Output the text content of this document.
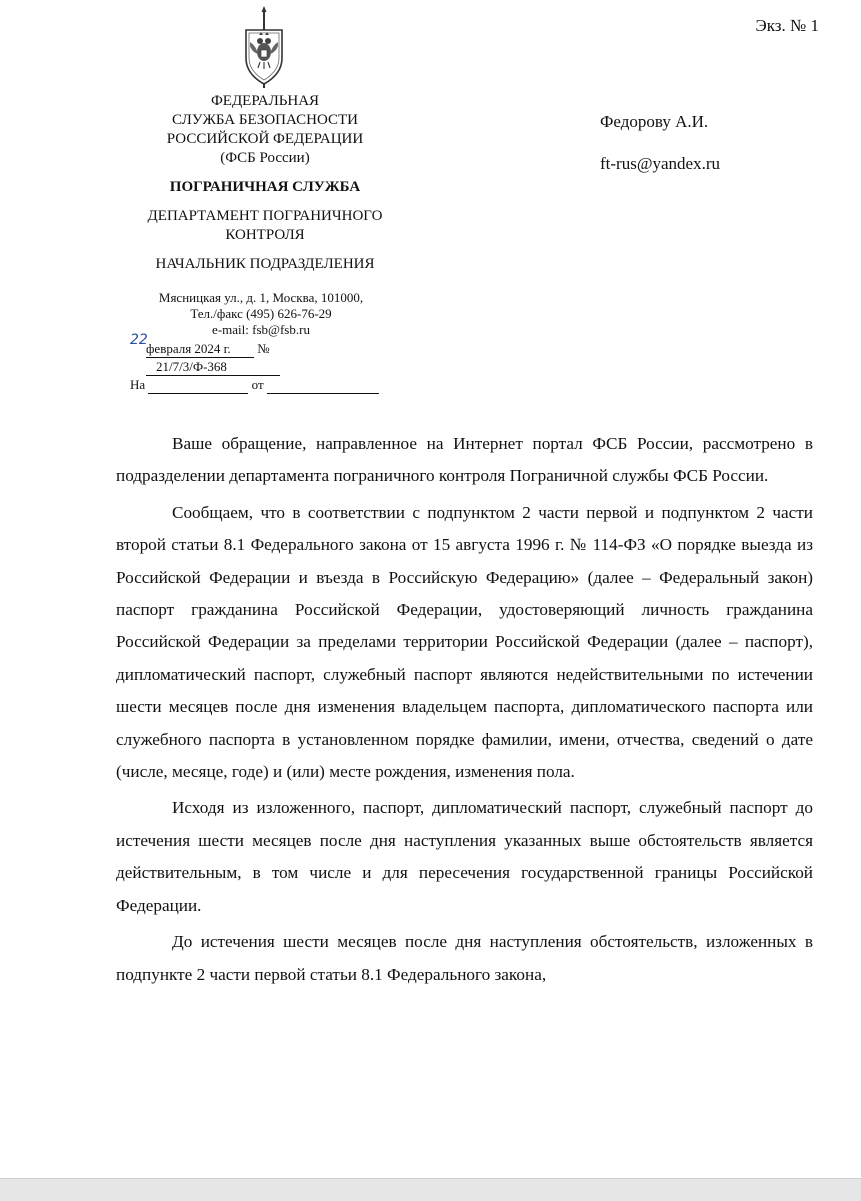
Экз. № 1
ФЕДЕРАЛЬНАЯ
СЛУЖБА БЕЗОПАСНОСТИ
РОССИЙСКОЙ ФЕДЕРАЦИИ
(ФСБ России)
ПОГРАНИЧНАЯ СЛУЖБА
ДЕПАРТАМЕНТ ПОГРАНИЧНОГО
КОНТРОЛЯ
НАЧАЛЬНИК ПОДРАЗДЕЛЕНИЯ
Мясницкая ул., д. 1, Москва, 101000,
Тел./факс (495) 626-76-29
e-mail: fsb@fsb.ru
22
февраля 2024 г. № 21/7/3/Ф-368
На	от
Федорову А.И.
ft-rus@yandex.ru

Ваше обращение, направленное на Интернет портал ФСБ России, рассмотрено в подразделении департамента пограничного контроля Пограничной службы ФСБ России.

Сообщаем, что в соответствии с подпунктом 2 части первой и подпунктом 2 части второй статьи 8.1 Федерального закона от 15 августа 1996 г. № 114-ФЗ «О порядке выезда из Российской Федерации и въезда в Российскую Федерацию» (далее – Федеральный закон) паспорт гражданина Российской Федерации, удостоверяющий личность гражданина Российской Федерации за пределами территории Российской Федерации (далее – паспорт), дипломатический паспорт, служебный паспорт являются недействительными по истечении шести месяцев после дня изменения владельцем паспорта, дипломатического паспорта или служебного паспорта в установленном порядке фамилии, имени, отчества, сведений о дате (числе, месяце, годе) и (или) месте рождения, изменения пола.

Исходя из изложенного, паспорт, дипломатический паспорт, служебный паспорт до истечения шести месяцев после дня наступления указанных выше обстоятельств является действительным, в том числе и для пересечения государственной границы Российской Федерации.

До истечения шести месяцев после дня наступления обстоятельств, изложенных в подпункте 2 части первой статьи 8.1 Федерального закона,
